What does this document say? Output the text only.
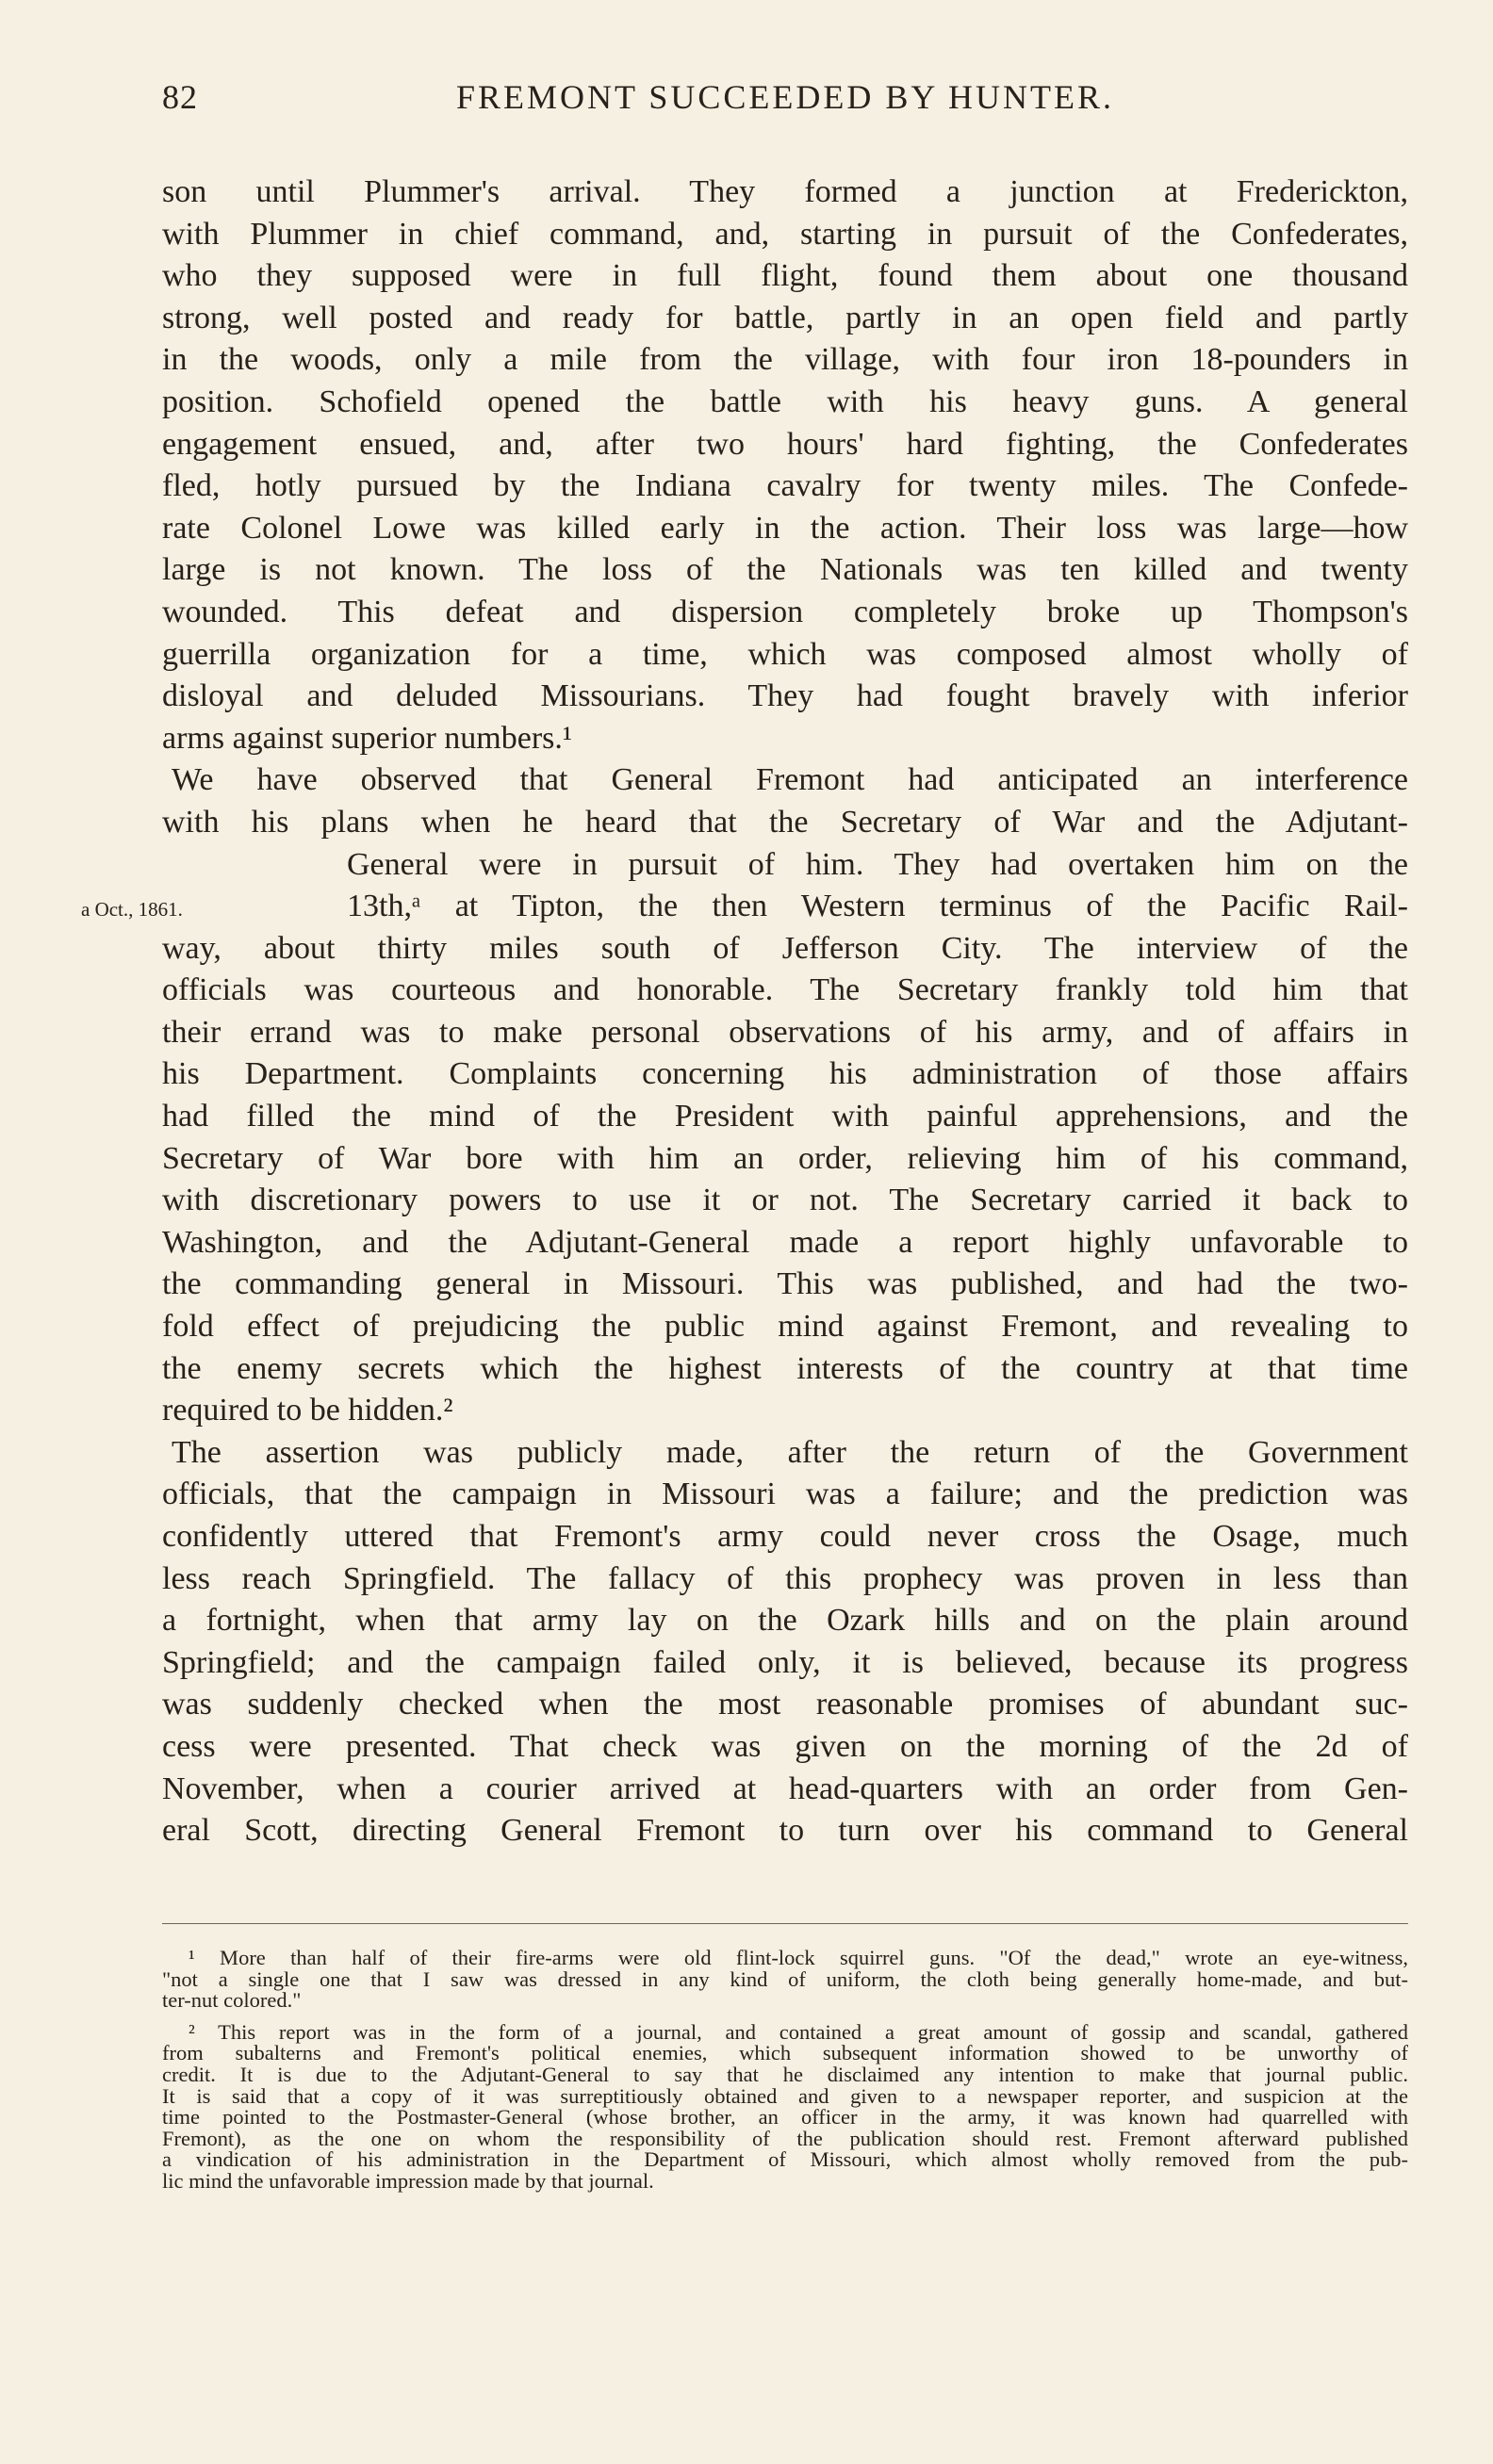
82	FREMONT SUCCEEDED BY HUNTER.
a Oct., 1861.
son until Plummer's arrival. They formed a junction at Frederickton,
with Plummer in chief command, and, starting in pursuit of the Confederates,
who they supposed were in full flight, found them about one thousand
strong, well posted and ready for battle, partly in an open field and partly
in the woods, only a mile from the village, with four iron 18-pounders in
position. Schofield opened the battle with his heavy guns. A general
engagement ensued, and, after two hours' hard fighting, the Confederates
fled, hotly pursued by the Indiana cavalry for twenty miles. The Confede-
rate Colonel Lowe was killed early in the action. Their loss was large—how
large is not known. The loss of the Nationals was ten killed and twenty
wounded. This defeat and dispersion completely broke up Thompson's
guerrilla organization for a time, which was composed almost wholly of
disloyal and deluded Missourians. They had fought bravely with inferior
arms against superior numbers.¹
We have observed that General Fremont had anticipated an interference
with his plans when he heard that the Secretary of War and the Adjutant-
General were in pursuit of him. They had overtaken him on the
13th,ᵃ at Tipton, the then Western terminus of the Pacific Rail-
way, about thirty miles south of Jefferson City. The interview of the
officials was courteous and honorable. The Secretary frankly told him that
their errand was to make personal observations of his army, and of affairs in
his Department. Complaints concerning his administration of those affairs
had filled the mind of the President with painful apprehensions, and the
Secretary of War bore with him an order, relieving him of his command,
with discretionary powers to use it or not. The Secretary carried it back to
Washington, and the Adjutant-General made a report highly unfavorable to
the commanding general in Missouri. This was published, and had the two-
fold effect of prejudicing the public mind against Fremont, and revealing to
the enemy secrets which the highest interests of the country at that time
required to be hidden.²
The assertion was publicly made, after the return of the Government
officials, that the campaign in Missouri was a failure; and the prediction was
confidently uttered that Fremont's army could never cross the Osage, much
less reach Springfield. The fallacy of this prophecy was proven in less than
a fortnight, when that army lay on the Ozark hills and on the plain around
Springfield; and the campaign failed only, it is believed, because its progress
was suddenly checked when the most reasonable promises of abundant suc-
cess were presented. That check was given on the morning of the 2d of
November, when a courier arrived at head-quarters with an order from Gen-
eral Scott, directing General Fremont to turn over his command to General
¹ More than half of their fire-arms were old flint-lock squirrel guns. "Of the dead," wrote an eye-witness,
"not a single one that I saw was dressed in any kind of uniform, the cloth being generally home-made, and but-
ter-nut colored."
² This report was in the form of a journal, and contained a great amount of gossip and scandal, gathered
from subalterns and Fremont's political enemies, which subsequent information showed to be unworthy of
credit. It is due to the Adjutant-General to say that he disclaimed any intention to make that journal public.
It is said that a copy of it was surreptitiously obtained and given to a newspaper reporter, and suspicion at the
time pointed to the Postmaster-General (whose brother, an officer in the army, it was known had quarrelled with
Fremont), as the one on whom the responsibility of the publication should rest. Fremont afterward published
a vindication of his administration in the Department of Missouri, which almost wholly removed from the pub-
lic mind the unfavorable impression made by that journal.
